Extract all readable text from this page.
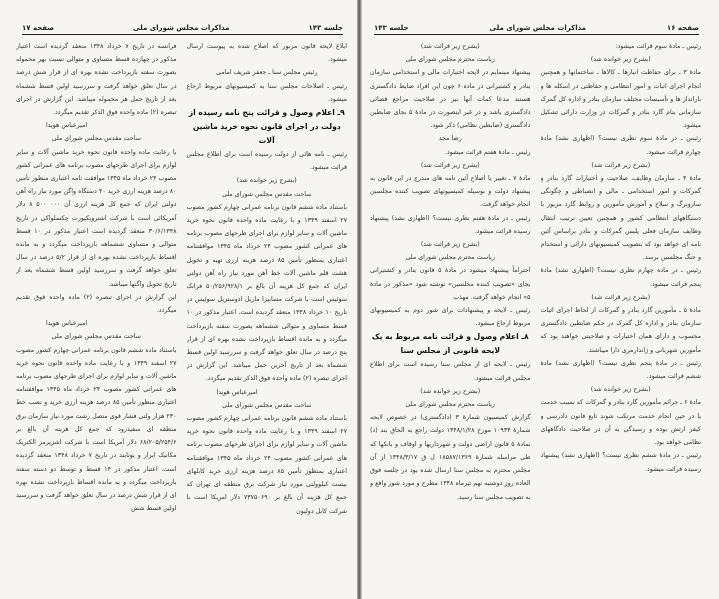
جلسه ۱۴۳
مذاکرات مجلس شورای ملی
صفحه ۱۷

ابلاغ لایحه قانون مزبور که اصلاح شده به پیوست ارسال میشود.

رئیس مجلس سنا ـ جعفر شریف امامی

رئیس ـ اصلاحات مجلس سنا به کمیسیونهای مربوط ارجاع میشود.

۹ـ اعلام وصول و قرائت پنج نامه رسیده از دولت در اجرای قانون نحوه خرید ماشین آلات

رئیس ـ نامه هائی از دولت رسیده است برای اطلاع مجلس قرائت میشود.

(بشرح زیر خوانده شد)

ساحت مقدس مجلس شورای ملی

باستناد ماده ششم قانون برنامه عمرانی چهارم کشور مصوب ۲۷ اسفند ۱۳۴۹ و با رعایت ماده واحده قانون نحوه خرید ماشین آلات و سایر لوازم برای اجرای طرحهای مصوب برنامه های عمرانی کشور مصوب ۲۴ خرداد ماه ۱۳۴۵ موافقتنامه اعتباری بمنظور تأمین ۸۵ درصد هزینه ارزی تهیه و تحویل هشت قلم ماشین آلات خط آهن مورد نیاز راه آهن دولتی ایران که جمع کل هزینه آن بالغ بر ۵۰/۲۵۶/۹۲۸/۱ فرانک سوئیس است با شرکت مسابیزا ماریل ادوستریل سوئیس در تاریخ ۱۰ خرداد ۱۳۴۸ منعقد گردیده است. اعتبار مذکور در ۱۰ قسط متساوی و متوالی ششماهه بصورت سفته بازپرداخت میگردد و به مانده اقساط بازپرداخت نشده بهره ای از قرار پنج درصد در سال تعلق خواهد گرفت و سررسید اولین قسط ششماه بعد از تاریخ آخرین حمل میباشد. این گزارش در اجرای تبصره (۲) ماده واحده فوق الذکر تقدیم میگردد.

امیرعباس هویدا

ساحت مقدس مجلس شورای ملی

باستناد ماده ششم قانون برنامه عمرانی چهارم کشور مصوب ۲۷ اسفند ۱۳۴۹ و با رعایت ماده واحده قانون نحوه خرید ماشین آلات و سایر لوازم برای اجرای طرحهای مصوب برنامه های عمرانی کشور مصوب ۲۴ خرداد ماه ۱۳۴۵ موافقتنامه اعتباری بمنظور تأمین ۸۵ درصد هزینه ارزی خرید کابلهای بیست کیلوولتی مورد نیاز شرکت برق منطقه ای تهران که جمع کل هزینه آن بالغ بر ۷۳۷۵۰۶۹۰ دلار امریکا است با شرکت کابل دولیون

فرانسه در تاریخ ۷ خرداد ۱۳۴۸ منعقد گردیده است اعتبار مذکور در چهارده قسط متساوی و متوالی نسبت بهر محموله بصورت سفته بازپرداخت نشده بهره ای از قرار شش درصد در سال تعلق خواهد گرفت و سررسید اولین قسط ششماه بعد از تاریخ حمل هر محموله میباشد. این گزارش در اجرای تبصره (۲) ماده واحده فوق الذکر تقدیم میگردد.

امیرعباس هویدا

ساحت مقدس مجلس شورای ملی

با رعایت ماده واحده قانون نحوه خرید ماشین آلات و سایر لوازم برای اجرای طرحهای مصوب برنامه های عمرانی کشور مصوب ۲۴ خرداد ماه ۱۳۴۵ موافقت نامه اعتباری منظور تأمین ۸۰ درصد هزینه ارزی خرید ۴۰ دستگاه واگن مورد نیاز راه آهن دولتی ایران که جمع کل هزینه ارزی آن ۰۰۰ ۵۰۰ ۸ دلار آمریکائی است با شرکت اشترویکپورت چکسلواکی در تاریخ ۳۰/۶/۱۳۴۸ منعقد گردیده است اعتبار مذکور در ۱۰ قسط متوالی و متساوی ششماهه بازپرداخت میگردد و به مانده اقساط بازپرداخت نشده بهره ای از قرار ۵/۲ درصد در سال تعلق خواهد گرفت و سررسید اولین قسط ششماه بعد از تاریخ تحویل واگنها میباشد.

این گزارش در اجرای تبصره (۲) ماده واحده فوق تقدیم میگردد.

امیرعباس هویدا

ساحت مقدس مجلس شورای ملی

باستناد ماده ششم قانون برنامه عمرانی چهارم کشور مصوب ۲۷ اسفند ۱۳۴۹ و با رعایت ماده واحده قانون نحوه خرید ماشین آلات و سایر لوازم برای اجرای طرحهای مصوب برنامه های عمرانی کشور مصوب ۲۴ خرداد ماه ۱۳۴۵ موافقتنامه اعتباری منظور تأمین ۸۵ درصد هزینه ارزی خرید و نصب خط ۲۳۰ هزار ولتی فشار قوی متصل رشت مورد نیاز سازمان برق منطقه ای سفیدرود که جمع کل هزینه آن بالغ بر ۶۸/۲۰۵/۲۵۴/۶ دلار آمریکا است با شرکت اشرپرمز الکتریک مکانیک ایزار و یونایتد در تاریخ ۷ خرداد ۱۳۴۸ منعقد گردیده است. اعتبار مذکور در ۱۴ قسط و توسط دو دسته سفته بازپرداخت میگردد و به مانده اقساط بازپرداخت نشده بهره ای از قرار شش درصد در سال تعلق خواهد گرفت و سررسید اولین قسط شش

صفحه ۱۶
مذاکرات مجلس شورای ملی
جلسه ۱۴۳

رئیس ـ مادهٔ سوم قرائت میشود:

(بشرح زیر خوانده شد)

مادهٔ ۳ ـ برای حفاظت انبارها ـ کالاها ـ ساختمانها و همچنین انجام اجرای اثبات و امور انتظامی و حفاظتی در اسکله ها و بارانداز ها و تأسیسات مختلف سازمان بنادر و اداره کل گمرک سازمانی بنام گارد بنادر و گمرکات در وزارت دارائی تشکیل میشود.

رئیس ـ در مادهٔ سوم نظری نیست؟ (اظهاری نشد) مادهٔ چهارم قرائت میشود.

(بشرح زیر قرائت شد)

مادهٔ ۴ ـ سازمان وظایف، صلاحیت و اختیارات گارد بنادر و گمرکات و امور استخدامی ـ مالی و انضباطی و چگونگی سازوبرگ و سلاح و آموزش مأمورین و روابط گارد مزبور با دستگاههای انتظامی کشور و همچنین تعیین ترتیب انتقال وظایف سازمان فعلی پلیس گمرکات و بنادر براساس آئین نامه ای خواهد بود که بتصویب کمیسیونهای دارائی و استخدام و جنگ مجلسین برسد.

رئیس ـ در ماده چهارم نظری نیست؟ (اظهاری نشد) مادهٔ پنجم قرائت میشود.

(بشرح زیر قرائت شد)

مادهٔ ۵ ـ مأمورین گارد بنادر و گمرکات از لحاظ اجرای اثبات سازمان بنادر و اداره کل گمرک در حکم ضابطین دادگستری محسوب و دارای همان اختیارات و صلاحیتی خواهند بود که مأمورین شهربانی و ژاندارمری دارا میباشند.

رئیس ـ در مادهٔ پنجم نظری نیست؟ (اظهاری نشد) مادهٔ ششم قرائت میشود.

(بشرح زیر خوانده شد)

مادهٔ ۶ ـ جرائم مأمورین گارد بنادر و گمرکات که بسبب خدمت یا در حین انجام خدمت مرتکب شوند تابع قانون دادرسی و کیفر ارتش بوده و رسیدگی به آن در صلاحیت دادگاههای نظامی خواهد بود.

رئیس ـ در مادهٔ ششم نظری نیست؟ (اظهاری نشد) پیشنهاد رسیده قرائت میشود.

(بشرح زیر قرائت شد)

ریاست محترم مجلس شورای ملی

پیشنهاد مینمایم در لایحه اختیارات مالی و استخدامی سازمان بنادر و کشتیرانی در ماده ۶ چون این افراد ضابط دادگستری هستند مدعا کمات آنها نیز در صلاحیت مراجع قضائی دادگستری باشد و در غیر اینصورت در مادهٔ ۵ بجای ضابطین دادگستری (ضابطین نظامی) ذکر شود.

رضا مجد

رئیس ـ مادهٔ هفتم قرائت میشود.

(بشرح زیر قرائت شد)

مادهٔ ۷ ـ تغییر یا اصلاح آئین نامه های مندرج در این قانون به پیشنهاد دولت و بوسیله کمیسیونهای تصویب کننده مجلسین انجام خواهد گرفت.

رئیس ـ در مادهٔ هفتم نظری نیست؟ (اظهاری نشد) پیشنهاد رسیده قرائت میشود.

(بشرح زیر قرائت شد)

ریاست محترم مجلس شورای ملی

احتراماً پیشنهاد میشود در مادهٔ ۵ قانون بنادر و کشتیرانی بجای «تصویب کننده مجلسین» نوشته شود «مذکور در مادهٔ ۵» انجام خواهد گرفت. مهذب

رئیس ـ لایحه و پیشنهادات برای شور دوم به کمیسیونهای مربوط ارجاع میشود.

۸ـ اعلام وصول و قرائت نامه مربوط به یک لایحه قانونی از مجلس سنا

رئیس ـ لایحه ای از مجلس سنا رسیده است برای اطلاع مجلس قرائت میشود.

(بشرح زیر خوانده شد)

ریاست محترم مجلس شورای ملی

گزارش کمیسیون شمارهٔ ۳ (دادگستری) در خصوص لایحه شمارهٔ ۱۰۹۳۴ مورخ ۱۳۴۸/۱/۲۸ دولت راجع به الحاق بند (د) بمادهٔ ۵ قانون اراضی دولت و شهرداریها و اوقاف و بانکها که طی مراسله شمارهٔ ۱۸۵۸۷/۱۳۶۹ ل ق ۱۳۴۸/۳/۱۷ از آن مجلس محترم به مجلس سنا ارسال شده بود در جلسه فوق العاده روز دوشنبه نهم تیرماه ۱۳۴۸ مطرح و مورد شور واقع و به تصویب مجلس سنا رسید.
